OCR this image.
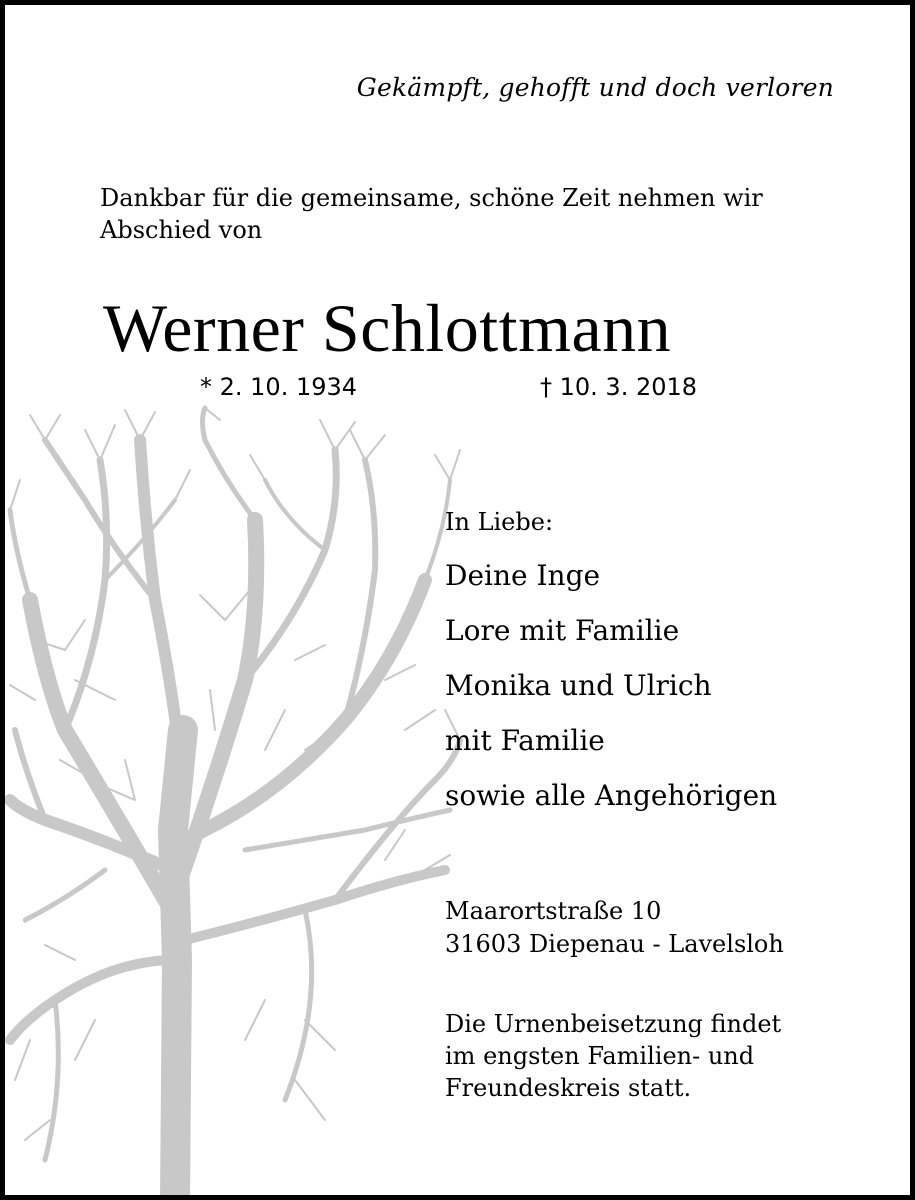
Gekämpft, gehofft und doch verloren
Dankbar für die gemeinsame, schöne Zeit nehmen wir
Abschied von
Werner Schlottmann
* 2. 10. 1934	† 10. 3. 2018
In Liebe:
Deine Inge
Lore mit Familie
Monika und Ulrich
mit Familie
sowie alle Angehörigen
Maarortstraße 10
31603 Diepenau - Lavelsloh
Die Urnenbeisetzung findet
im engsten Familien- und
Freundeskreis statt.
